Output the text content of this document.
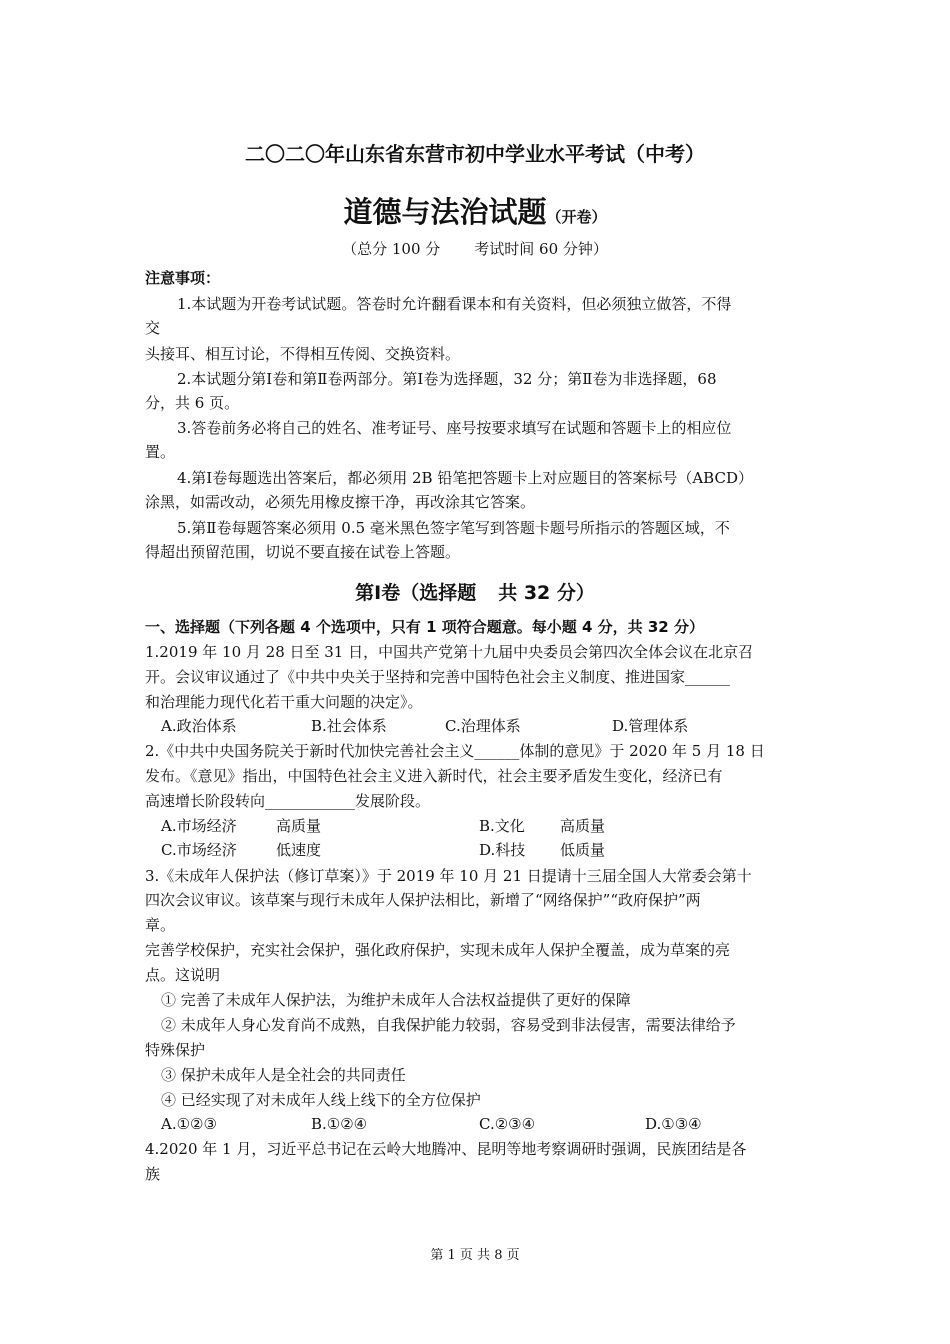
二〇二〇年山东省东营市初中学业水平考试（中考）
道德与法治试题（开卷）
（总分 100 分 考试时间 60 分钟）
注意事项：
1.本试题为开卷考试试题。答卷时允许翻看课本和有关资料，但必须独立做答，不得
交
头接耳、相互讨论，不得相互传阅、交换资料。
2.本试题分第Ⅰ卷和第Ⅱ卷两部分。第Ⅰ卷为选择题，32 分；第Ⅱ卷为非选择题，68
分，共 6 页。
3.答卷前务必将自己的姓名、准考证号、座号按要求填写在试题和答题卡上的相应位
置。
4.第Ⅰ卷每题选出答案后，都必须用 2B 铅笔把答题卡上对应题目的答案标号（ABCD）
涂黑，如需改动，必须先用橡皮擦干净，再改涂其它答案。
5.第Ⅱ卷每题答案必须用 0.5 毫米黑色签字笔写到答题卡题号所指示的答题区域，不
得超出预留范围，切说不要直接在试卷上答题。
第Ⅰ卷（选择题 共 32 分）
一、选择题（下列各题 4 个选项中，只有 1 项符合题意。每小题 4 分，共 32 分）
1.2019 年 10 月 28 日至 31 日，中国共产党第十九届中央委员会第四次全体会议在北京召
开。会议审议通过了《中共中央关于坚持和完善中国特色社会主义制度、推进国家______
和治理能力现代化若干重大问题的决定》。
A.政治体系	B.社会体系	C.治理体系	D.管理体系
2.《中共中央国务院关于新时代加快完善社会主义______体制的意见》于 2020 年 5 月 18 日
发布。《意见》指出，中国特色社会主义进入新时代，社会主要矛盾发生变化，经济已有
高速增长阶段转向____________发展阶段。
A.市场经济	高质量	B.文化 高质量
C.市场经济	低速度	D.科技 低质量
3.《未成年人保护法（修订草案）》于 2019 年 10 月 21 日提请十三届全国人大常委会第十
四次会议审议。该草案与现行未成年人保护法相比，新增了“网络保护”“政府保护”两
章。
完善学校保护，充实社会保护，强化政府保护，实现未成年人保护全覆盖，成为草案的亮
点。这说明
① 完善了未成年人保护法，为维护未成年人合法权益提供了更好的保障
② 未成年人身心发育尚不成熟，自我保护能力较弱，容易受到非法侵害，需要法律给予
特殊保护
③ 保护未成年人是全社会的共同责任
④ 已经实现了对未成年人线上线下的全方位保护
A.①②③	B.①②④	C.②③④	D.①③④
4.2020 年 1 月，习近平总书记在云岭大地腾冲、昆明等地考察调研时强调，民族团结是各
族
第 1 页 共 8 页
